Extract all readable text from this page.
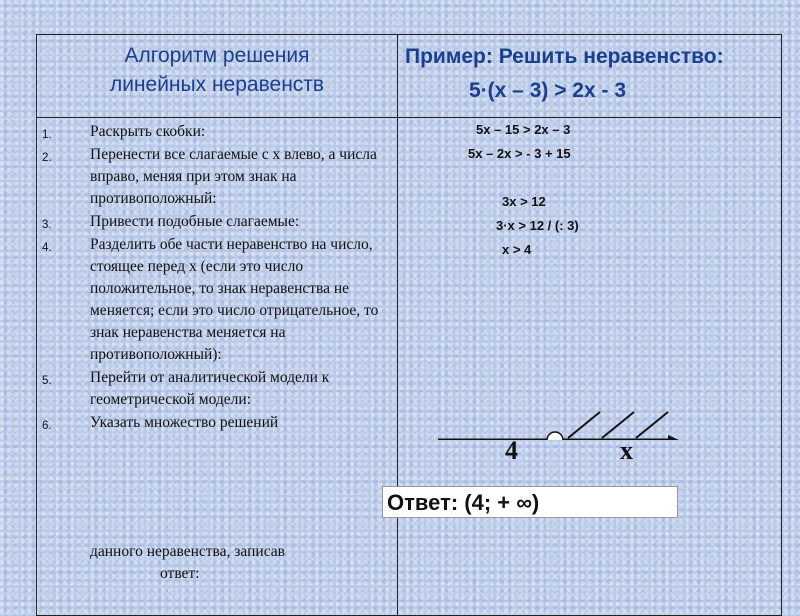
Алгоритм решения
линейных неравенств
Пример: Решить неравенство:
5·(x – 3) > 2x - 3
1. Раскрыть скобки:
2. Перенести все слагаемые с x влево, а числа вправо, меняя при этом знак на противоположный:
3. Привести подобные слагаемые:
4. Разделить обе части неравенство на число, стоящее перед x (если это число положительное, то знак неравенства не меняется; если это число отрицательное, то знак неравенства меняется на противоположный):
5. Перейти от аналитической модели к геометрической модели:
6. Указать множество решений
данного неравенства, записав
ответ:
5x – 15 > 2x – 3
5x – 2x > - 3 + 15
3x > 12
3·x > 12 / (: 3)
x > 4
4	x
Ответ: (4; + ∞)
